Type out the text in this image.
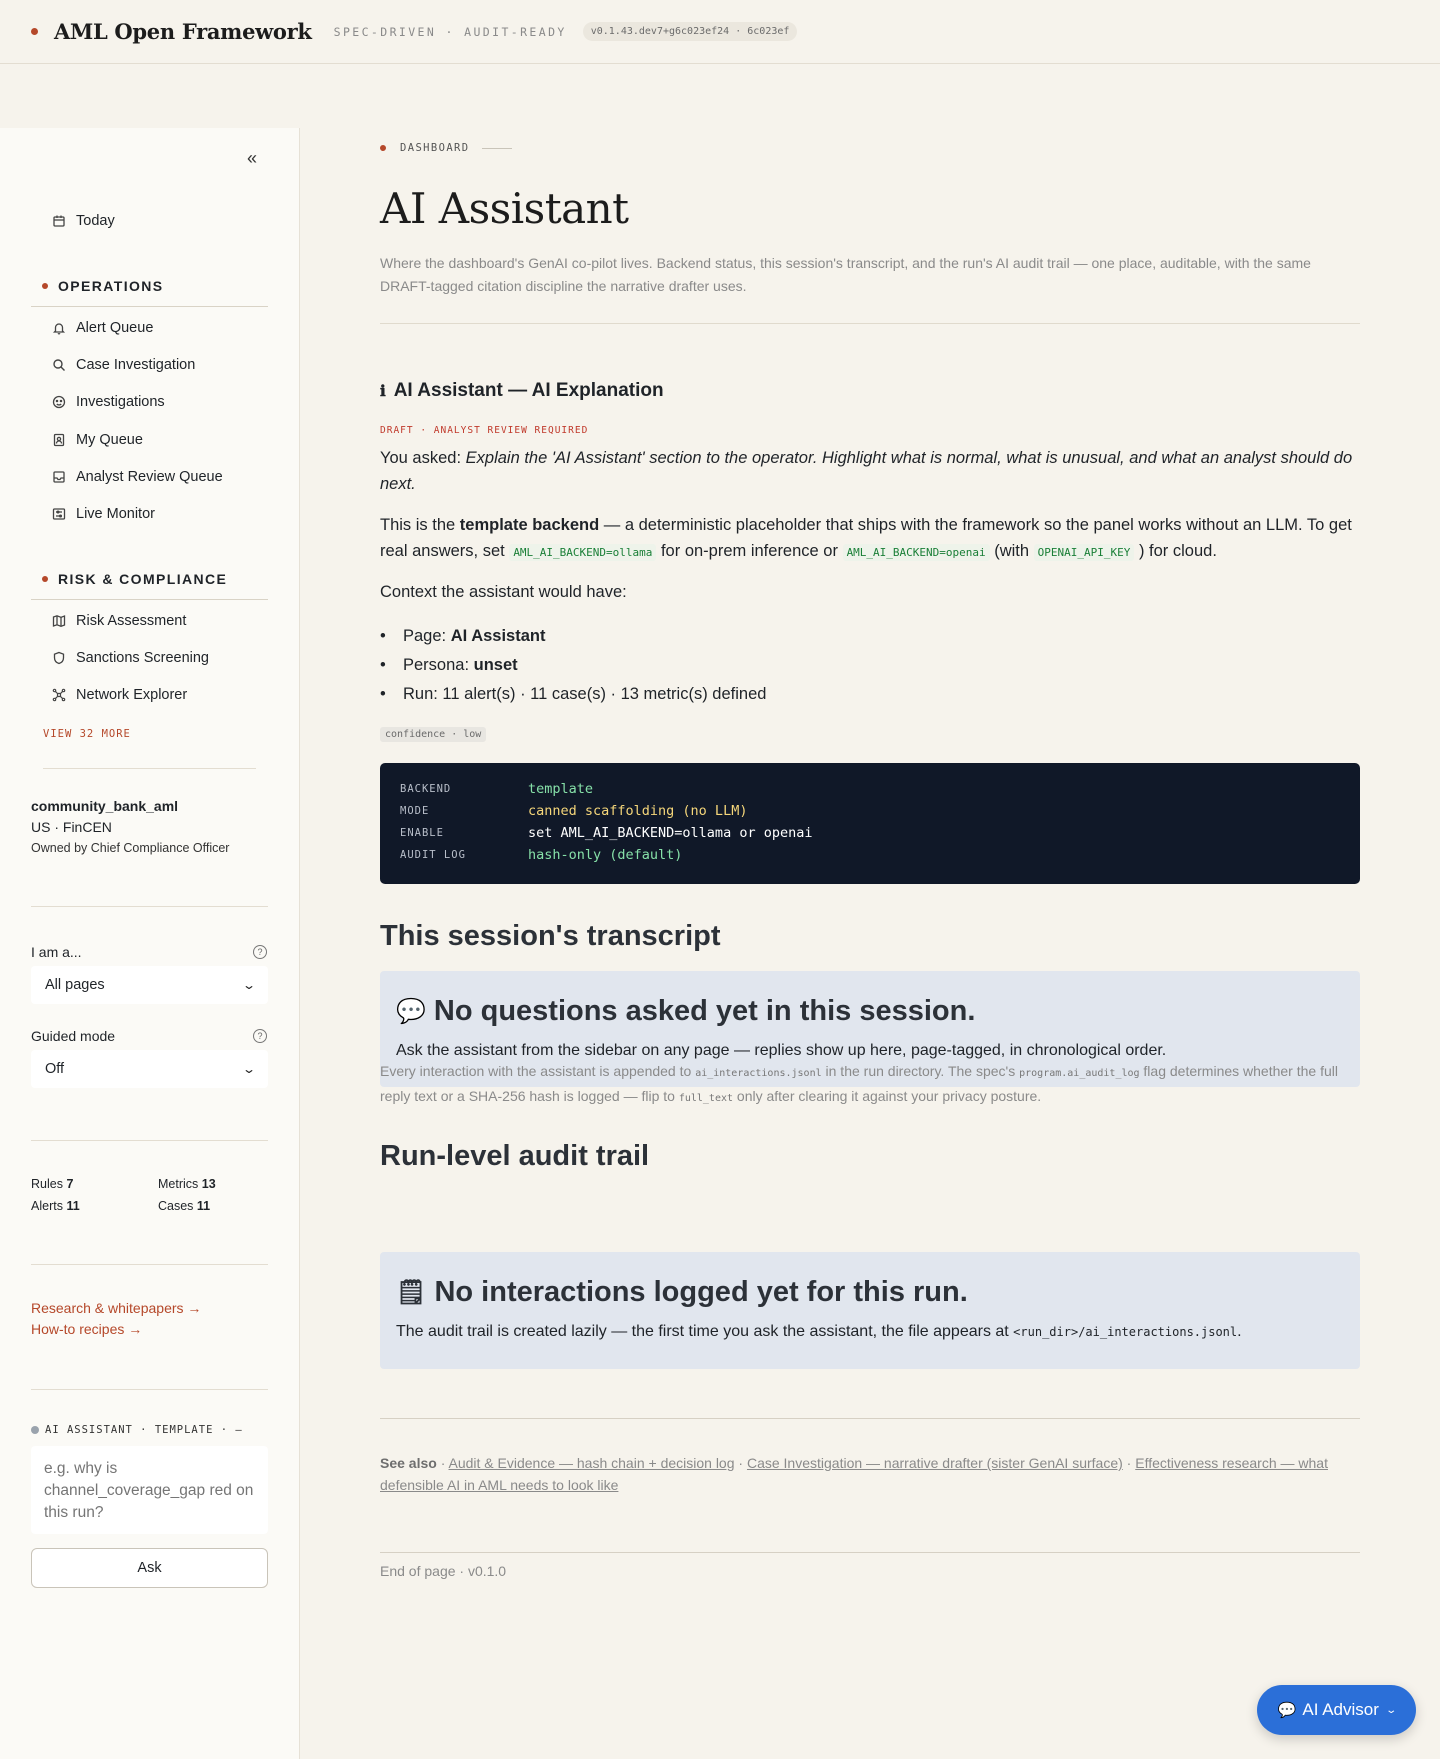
AML Open Framework SPEC-DRIVEN · AUDIT-READY	v0.1.43.dev7+g6c023ef24 · 6c023ef
«
Today
OPERATIONS
Alert Queue
Case Investigation
Investigations
My Queue
Analyst Review Queue
Live Monitor
RISK & COMPLIANCE
Risk Assessment
Sanctions Screening
Network Explorer
VIEW 32 MORE
community_bank_aml
US · FinCEN
Owned by Chief Compliance Officer
I am a...	?
All pages	⌄
Guided mode	?
Off	⌄
Rules 7	Metrics 13
Alerts 11	Cases 11
Research & whitepapers →
How-to recipes →
AI ASSISTANT · TEMPLATE · —
e.g. why is channel_coverage_gap red on this run?
Ask
DASHBOARD
AI Assistant
Where the dashboard's GenAI co-pilot lives. Backend status, this session's transcript, and the run's AI audit trail — one place, auditable, with the same DRAFT-tagged citation discipline the narrative drafter uses.
ℹ AI Assistant — AI Explanation
DRAFT · ANALYST REVIEW REQUIRED
You asked: Explain the 'AI Assistant' section to the operator. Highlight what is normal, what is unusual, and what an analyst should do next.
This is the template backend — a deterministic placeholder that ships with the framework so the panel works without an LLM. To get real answers, set AML_AI_BACKEND=ollama for on-prem inference or AML_AI_BACKEND=openai (with OPENAI_API_KEY ) for cloud.
Context the assistant would have:
• Page: AI Assistant
• Persona: unset
• Run: 11 alert(s) · 11 case(s) · 13 metric(s) defined
confidence · low
BACKEND	template
MODE	canned scaffolding (no LLM)
ENABLE	set AML_AI_BACKEND=ollama or openai
AUDIT LOG	hash-only (default)
This session's transcript
💬 No questions asked yet in this session.
Ask the assistant from the sidebar on any page — replies show up here, page-tagged, in chronological order.
Run-level audit trail
Every interaction with the assistant is appended to ai_interactions.jsonl in the run directory. The spec's program.ai_audit_log flag determines whether the full reply text or a SHA-256 hash is logged — flip to full_text only after clearing it against your privacy posture.
🗒 No interactions logged yet for this run.
The audit trail is created lazily — the first time you ask the assistant, the file appears at <run_dir>/ai_interactions.jsonl.
See also · Audit & Evidence — hash chain + decision log · Case Investigation — narrative drafter (sister GenAI surface) · Effectiveness research — what defensible AI in AML needs to look like
End of page · v0.1.0
💬 AI Advisor ⌄
